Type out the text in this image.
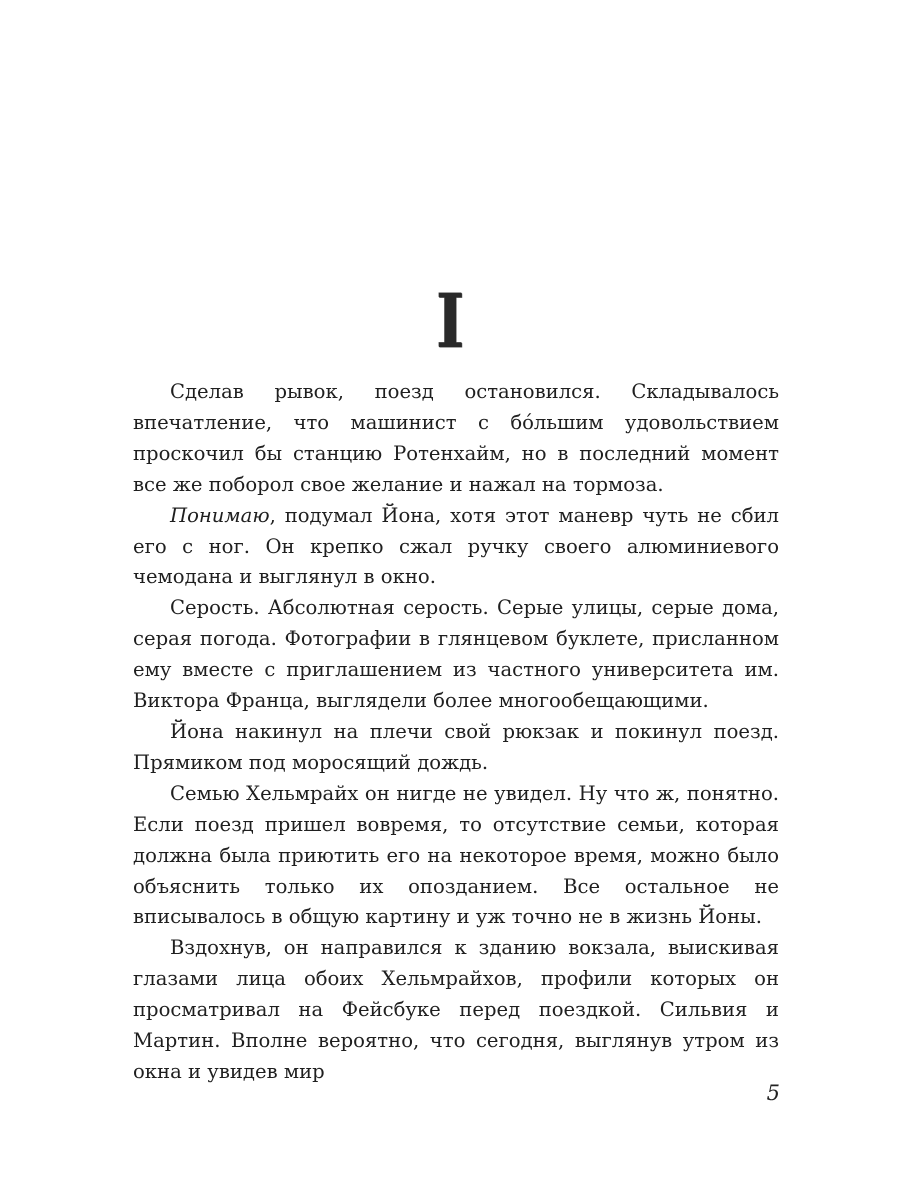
I

Сделав рывок, поезд остановился. Складывалось впечатление, что машинист с бóльшим удовольствием проскочил бы станцию Ротенхайм, но в последний момент все же поборол свое желание и нажал на тормоза.

Понимаю, подумал Йона, хотя этот маневр чуть не сбил его с ног. Он крепко сжал ручку своего алюминиевого чемодана и выглянул в окно.

Серость. Абсолютная серость. Серые улицы, серые дома, серая погода. Фотографии в глянцевом буклете, присланном ему вместе с приглашением из частного университета им. Виктора Франца, выглядели более многообещающими.

Йона накинул на плечи свой рюкзак и покинул поезд. Прямиком под моросящий дождь.

Семью Хельмрайх он нигде не увидел. Ну что ж, понятно. Если поезд пришел вовремя, то отсутствие семьи, которая должна была приютить его на некоторое время, можно было объяснить только их опозданием. Все остальное не вписывалось в общую картину и уж точно не в жизнь Йоны.

Вздохнув, он направился к зданию вокзала, выискивая глазами лица обоих Хельмрайхов, профили которых он просматривал на Фейсбуке перед поездкой. Сильвия и Мартин. Вполне вероятно, что сегодня, выглянув утром из окна и увидев мир

5
